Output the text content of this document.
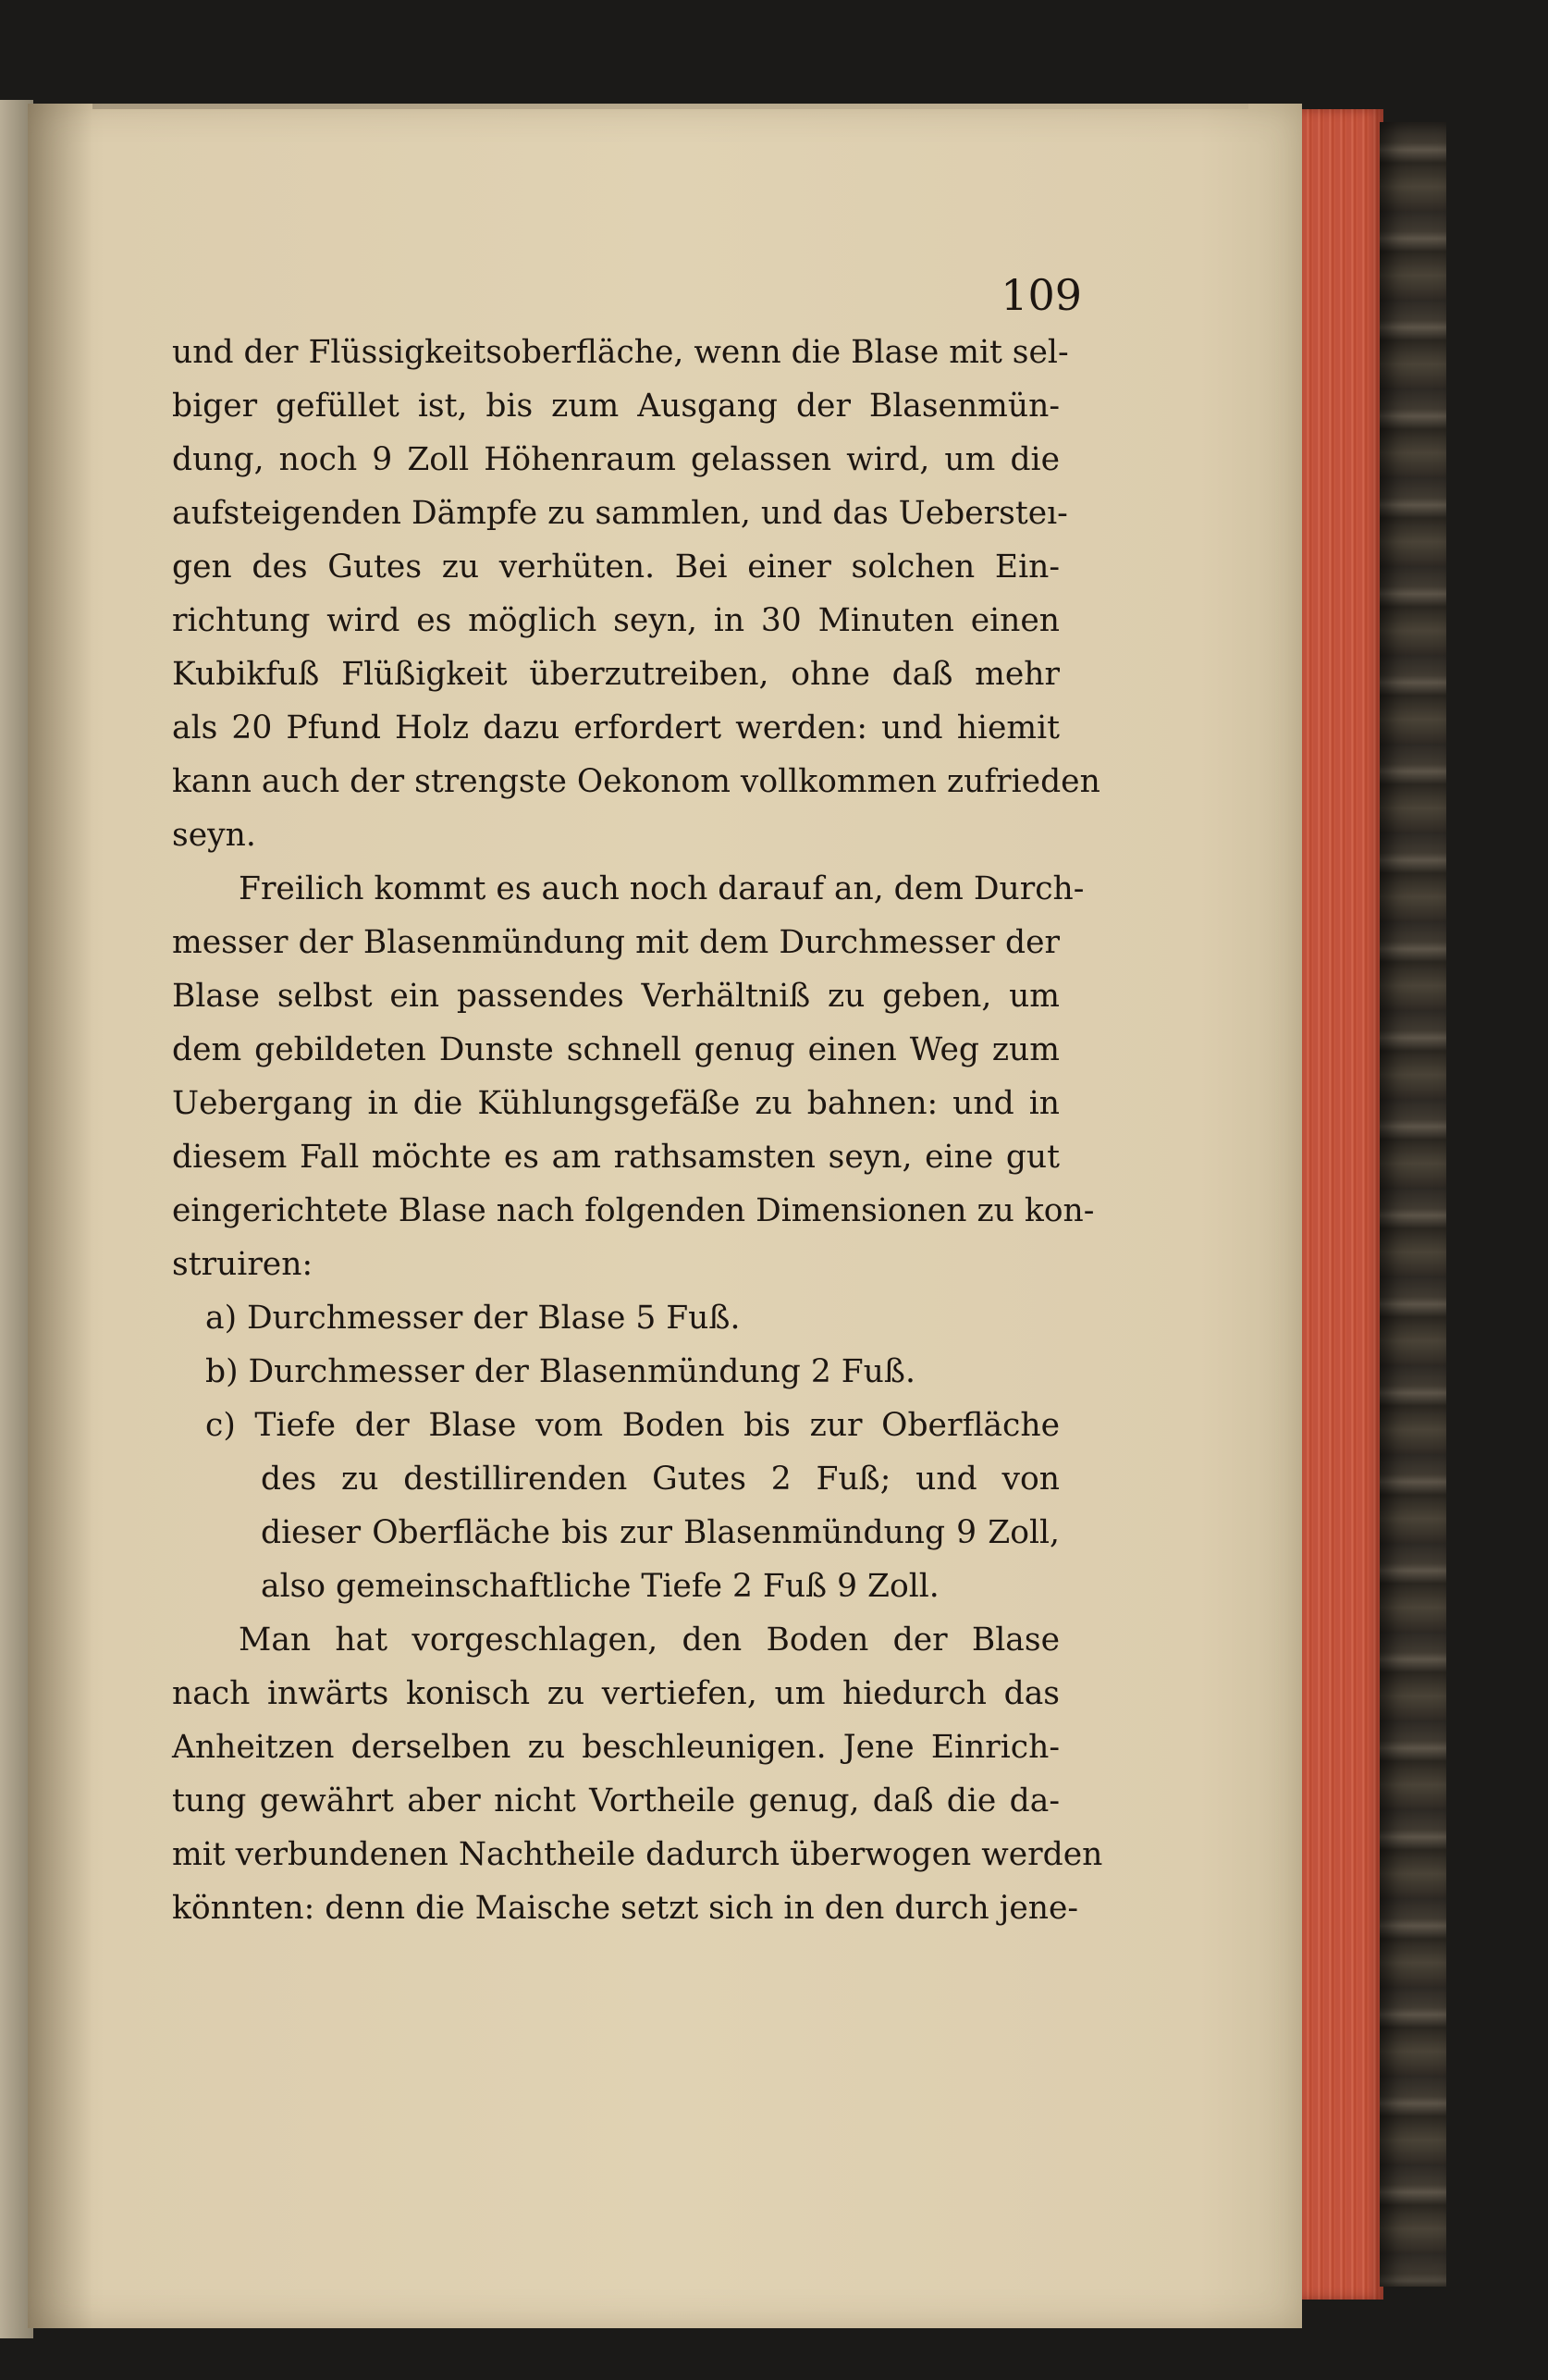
109
und der Flüssigkeitsoberfläche, wenn die Blase mit sel-
biger gefüllet ist, bis zum Ausgang der Blasenmün-
dung, noch 9 Zoll Höhenraum gelassen wird, um die
aufsteigenden Dämpfe zu sammlen, und das Uebersteı-
gen des Gutes zu verhüten. Bei einer solchen Ein-
richtung wird es möglich seyn, in 30 Minuten einen
Kubikfuß Flüßigkeit überzutreiben, ohne daß mehr
als 20 Pfund Holz dazu erfordert werden: und hiemit
kann auch der strengste Oekonom vollkommen zufrieden
seyn.
Freilich kommt es auch noch darauf an, dem Durch-
messer der Blasenmündung mit dem Durchmesser der
Blase selbst ein passendes Verhältniß zu geben, um
dem gebildeten Dunste schnell genug einen Weg zum
Uebergang in die Kühlungsgefäße zu bahnen: und in
diesem Fall möchte es am rathsamsten seyn, eine gut
eingerichtete Blase nach folgenden Dimensionen zu kon-
struiren:
a) Durchmesser der Blase 5 Fuß.
b) Durchmesser der Blasenmündung 2 Fuß.
c) Tiefe der Blase vom Boden bis zur Oberfläche
des zu destillirenden Gutes 2 Fuß; und von
dieser Oberfläche bis zur Blasenmündung 9 Zoll,
also gemeinschaftliche Tiefe 2 Fuß 9 Zoll.
Man hat vorgeschlagen, den Boden der Blase
nach inwärts konisch zu vertiefen, um hiedurch das
Anheitzen derselben zu beschleunigen. Jene Einrich-
tung gewährt aber nicht Vortheile genug, daß die da-
mit verbundenen Nachtheile dadurch überwogen werden
könnten: denn die Maische setzt sich in den durch jene-
